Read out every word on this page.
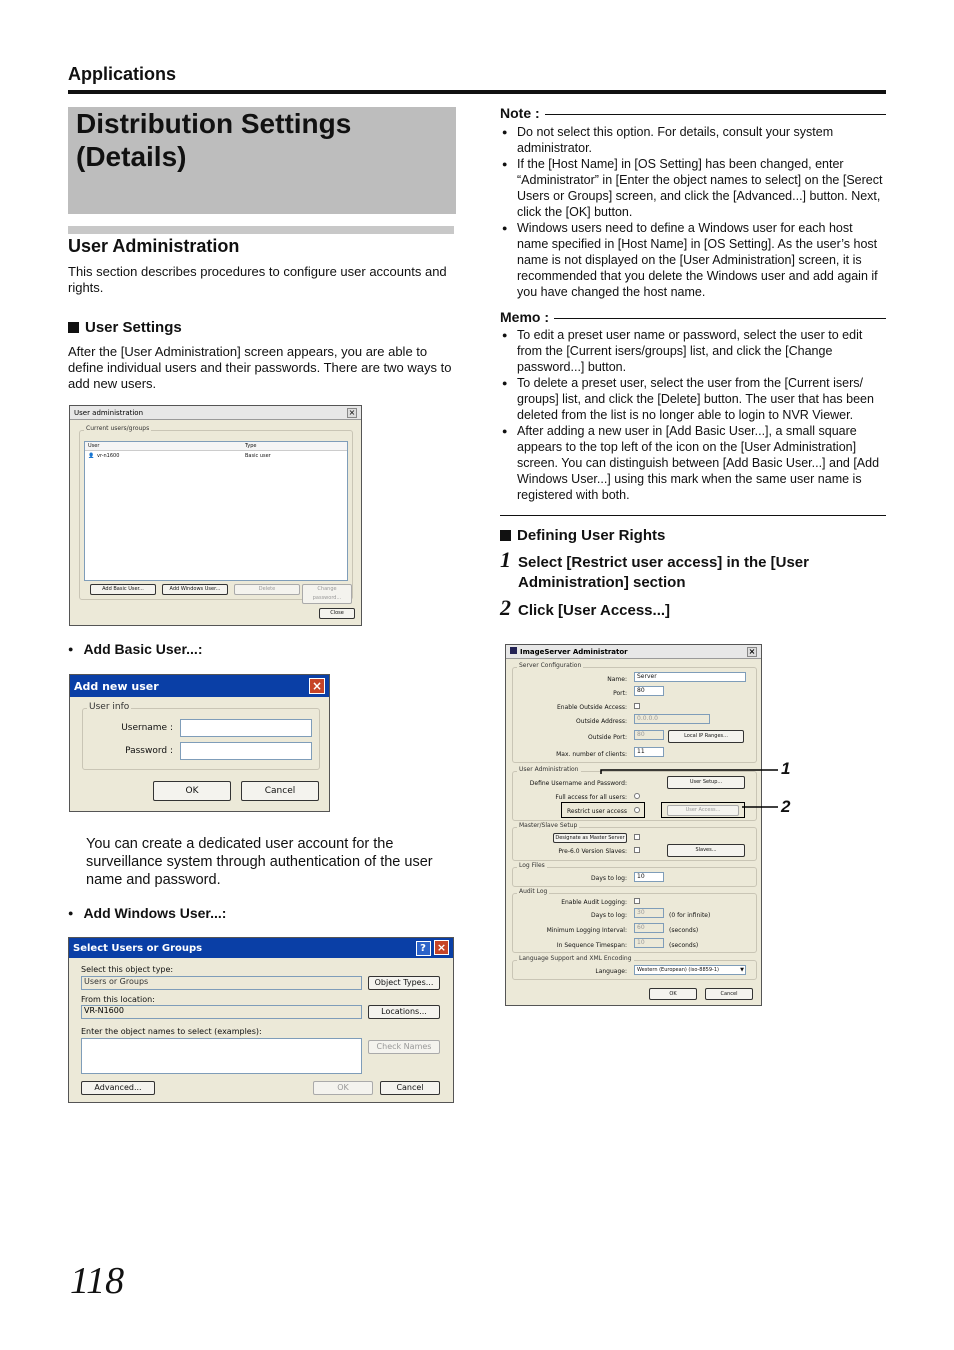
Applications
Distribution Settings
(Details)
User Administration
This section describes procedures to configure user accounts and rights.
User Settings
After the [User Administration] screen appears, you are able to define individual users and their passwords. There are two ways to add new users.
User administration	×
Current users/groups
User	Type
👤 vr-n1600	Basic user
Add Basic User...	Add Windows User...	Delete	Change password...
Close
● Add Basic User...:
Add new user	×
User info
Username :
Password :
OK	Cancel
You can create a dedicated user account for the surveillance system through authentication of the user name and password.
● Add Windows User...:
Select Users or Groups	? ×
Select this object type:
Users or Groups	Object Types...
From this location:
VR-N1600	Locations...
Enter the object names to select (examples):
Check Names
Advanced...	OK	Cancel
Note :
● Do not select this option. For details, consult your system administrator.
● If the [Host Name] in [OS Setting] has been changed, enter “Administrator” in [Enter the object names to select] on the [Serect Users or Groups] screen, and click the [Advanced...] button. Next, click the [OK] button.
● Windows users need to define a Windows user for each host name specified in [Host Name] in [OS Setting]. As the user’s host name is not displayed on the [User Administration] screen, it is recommended that you delete the Windows user and add again if you have changed the host name.
Memo :
● To edit a preset user name or password, select the user to edit from the [Current isers/groups] list, and click the [Change password...] button.
● To delete a preset user, select the user from the [Current isers/ groups] list, and click the [Delete] button. The user that has been deleted from the list is no longer able to login to NVR Viewer.
● After adding a new user in [Add Basic User...], a small square appears to the top left of the icon on the [User Administration] screen. You can distinguish between [Add Basic User...] and [Add Windows User...] using this mark when the same user name is registered with both.
Defining User Rights
1 Select [Restrict user access] in the [User Administration] section
2 Click [User Access...]
ImageServer Administrator	×
Server Configuration
Name:	Server
Port:	80
Enable Outside Access:
Outside Address:	0.0.0.0
Outside Port:	80	Local IP Ranges...
Max. number of clients:	11
User Administration
Define Username and Password:	User Setup...
Full access for all users:
Restrict user access	User Access...
Master/Slave Setup
Designate as Master Server
Pre-6.0 Version Slaves:	Slaves...
Log Files
Days to log:	10
Audit Log
Enable Audit Logging:
Days to log:	30	(0 for infinite)
Minimum Logging Interval:	60	(seconds)
In Sequence Timespan:	10	(seconds)
Language Support and XML Encoding
Language:	Western (European) (iso-8859-1)	▼
OK	Cancel
1
2
118
